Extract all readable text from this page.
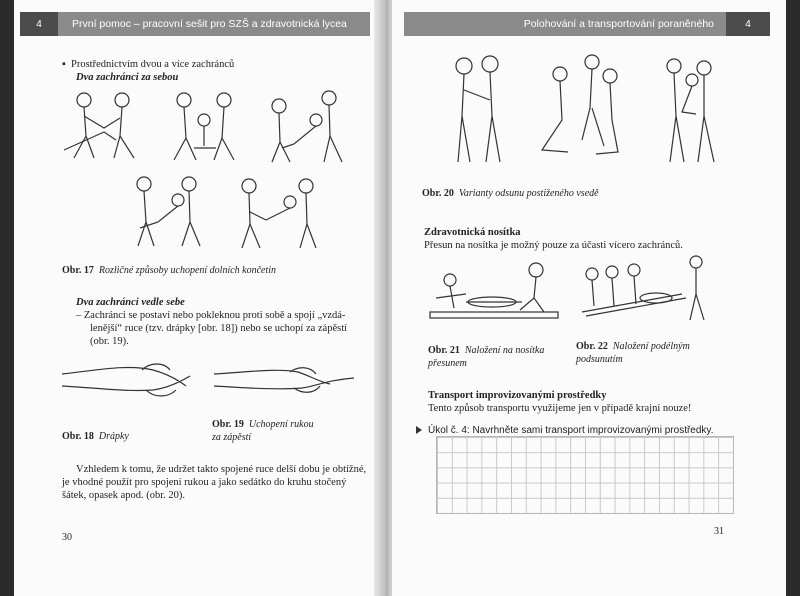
4	První pomoc – pracovní sešit pro SZŠ a zdravotnická lycea
▪  Prostřednictvím dvou a více zachránců
Dva zachránci za sebou
Obr. 17 Rozličné způsoby uchopení dolních končetin
Dva zachránci vedle sebe
– Zachránci se postaví nebo pokleknou proti sobě a spojí „vzdá-
lenější“ ruce (tzv. drápky [obr. 18]) nebo se uchopí za zápěstí
(obr. 19).
Obr. 18 Drápky
Obr. 19 Uchopení rukou
za zápěstí
Vzhledem k tomu, že udržet takto spojené ruce delší dobu je obtížné,
je vhodné použít pro spojení rukou a jako sedátko do kruhu stočený
šátek, opasek apod. (obr. 20).
30
Polohování a transportování poraněného	4
Obr. 20 Varianty odsunu postiženého vsedě
Zdravotnická nosítka
Přesun na nosítka je možný pouze za účasti vícero zachránců.
Obr. 21 Naložení na nosítka
přesunem
Obr. 22 Naložení podélným
podsunutím
Transport improvizovanými prostředky
Tento způsob transportu využijeme jen v případě krajní nouze!
Úkol č. 4: Navrhněte sami transport improvizovanými prostředky.
31
